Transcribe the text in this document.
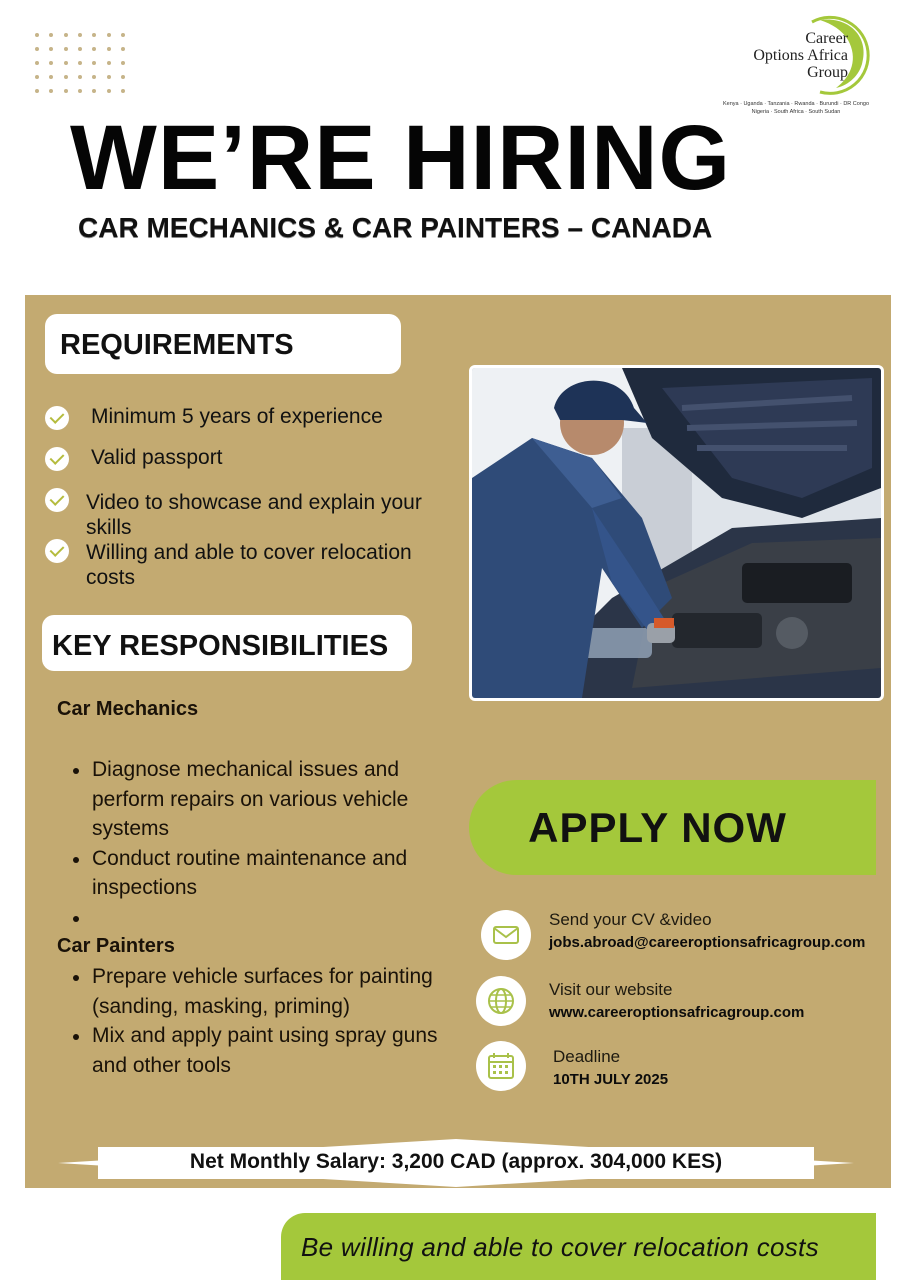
Career
Options Africa
Group
Kenya · Uganda · Tanzania · Rwanda · Burundi · DR Congo
Nigeria · South Africa · South Sudan
WE’RE HIRING
CAR MECHANICS & CAR PAINTERS – CANADA
REQUIREMENTS
Minimum 5 years of experience
Valid passport
Video to showcase and explain your skills
Willing and able to cover relocation costs
KEY RESPONSIBILITIES
Car Mechanics
Diagnose mechanical issues and perform repairs on various vehicle systems
Conduct routine maintenance and inspections
Car Painters
Prepare vehicle surfaces for painting (sanding, masking, priming)
Mix and apply paint using spray guns and other tools
APPLY NOW
Send your CV &video
jobs.abroad@careeroptionsafricagroup.com
Visit our website
www.careeroptionsafricagroup.com
Deadline
10TH JULY 2025
Net Monthly Salary: 3,200 CAD (approx. 304,000 KES)
Be willing and able to cover relocation costs
